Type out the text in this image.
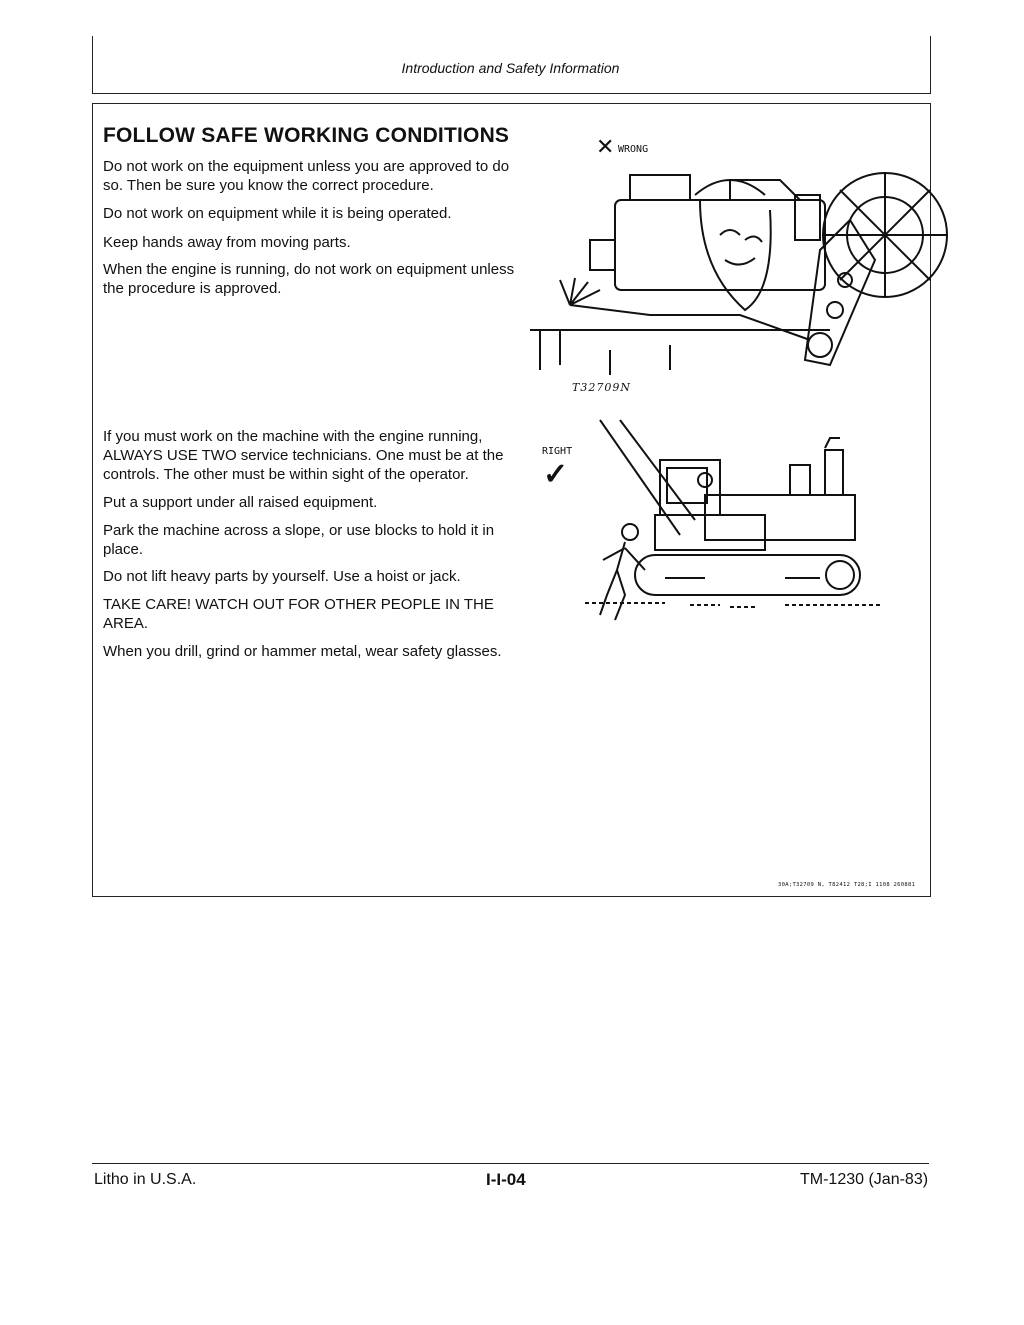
Introduction and Safety Information
FOLLOW SAFE WORKING CONDITIONS
Do not work on the equipment unless you are approved to do so. Then be sure you know the correct procedure.
Do not work on equipment while it is being operated.
Keep hands away from moving parts.
When the engine is running, do not work on equipment unless the procedure is approved.
If you must work on the machine with the engine running, ALWAYS USE TWO service technicians. One must be at the controls. The other must be within sight of the operator.
Put a support under all raised equipment.
Park the machine across a slope, or use blocks to hold it in place.
Do not lift heavy parts by yourself. Use a hoist or jack.
TAKE CARE! WATCH OUT FOR OTHER PEOPLE IN THE AREA.
When you drill, grind or hammer metal, wear safety glasses.
✕ WRONG
T32709N
RIGHT
✓
30A;T32709 N, T82412 T28;I 1108 260881
Litho in U.S.A.	I-I-04	TM-1230 (Jan-83)
